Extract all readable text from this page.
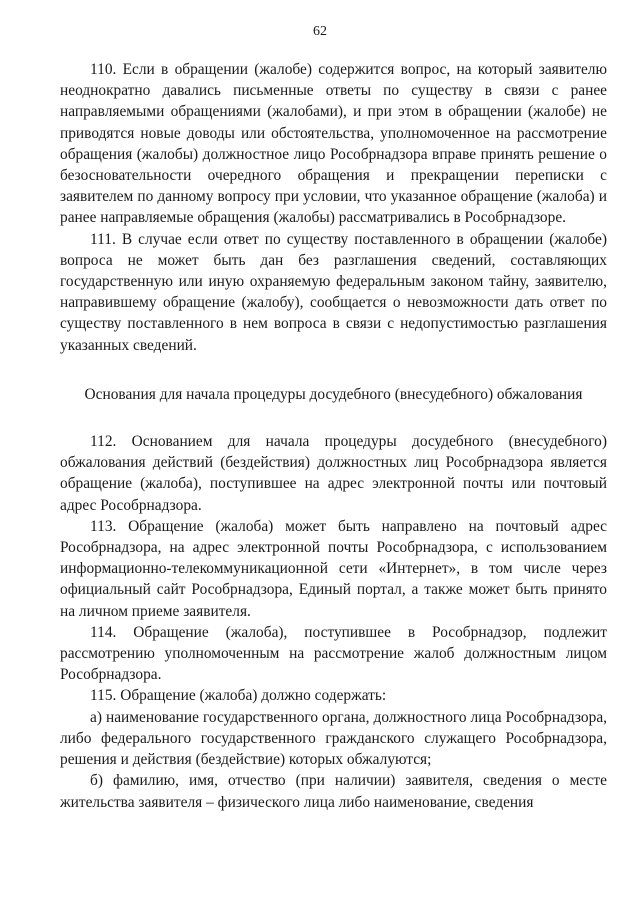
62

110. Если в обращении (жалобе) содержится вопрос, на который заявителю неоднократно давались письменные ответы по существу в связи с ранее направляемыми обращениями (жалобами), и при этом в обращении (жалобе) не приводятся новые доводы или обстоятельства, уполномоченное на рассмотрение обращения (жалобы) должностное лицо Рособрнадзора вправе принять решение о безосновательности очередного обращения и прекращении переписки с заявителем по данному вопросу при условии, что указанное обращение (жалоба) и ранее направляемые обращения (жалобы) рассматривались в Рособрнадзоре.

111. В случае если ответ по существу поставленного в обращении (жалобе) вопроса не может быть дан без разглашения сведений, составляющих государственную или иную охраняемую федеральным законом тайну, заявителю, направившему обращение (жалобу), сообщается о невозможности дать ответ по существу поставленного в нем вопроса в связи с недопустимостью разглашения указанных сведений.

Основания для начала процедуры досудебного (внесудебного) обжалования

112. Основанием для начала процедуры досудебного (внесудебного) обжалования действий (бездействия) должностных лиц Рособрнадзора является обращение (жалоба), поступившее на адрес электронной почты или почтовый адрес Рособрнадзора.

113. Обращение (жалоба) может быть направлено на почтовый адрес Рособрнадзора, на адрес электронной почты Рособрнадзора, с использованием информационно-телекоммуникационной сети «Интернет», в том числе через официальный сайт Рособрнадзора, Единый портал, а также может быть принято на личном приеме заявителя.

114. Обращение (жалоба), поступившее в Рособрнадзор, подлежит рассмотрению уполномоченным на рассмотрение жалоб должностным лицом Рособрнадзора.

115. Обращение (жалоба) должно содержать:

а) наименование государственного органа, должностного лица Рособрнадзора, либо федерального государственного гражданского служащего Рособрнадзора, решения и действия (бездействие) которых обжалуются;

б) фамилию, имя, отчество (при наличии) заявителя, сведения о месте жительства заявителя – физического лица либо наименование, сведения
